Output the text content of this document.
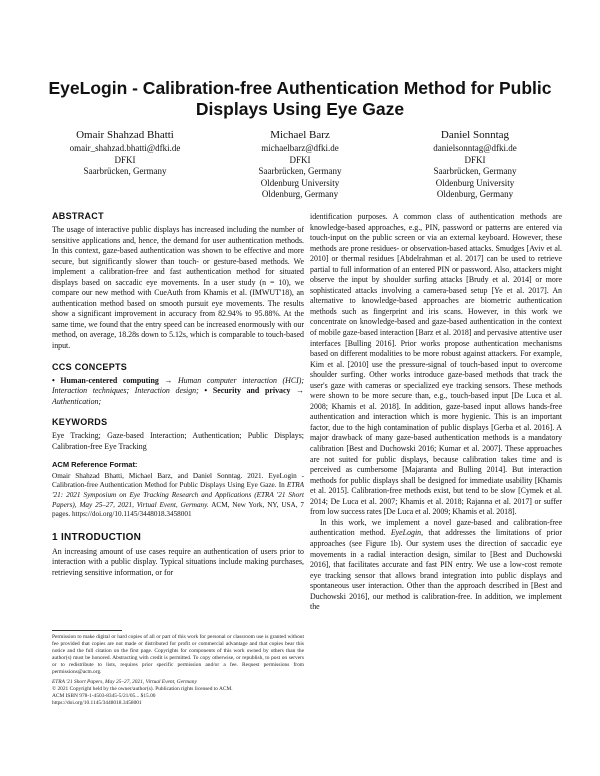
EyeLogin - Calibration-free Authentication Method for Public Displays Using Eye Gaze
Omair Shahzad Bhatti
omair_shahzad.bhatti@dfki.de
DFKI
Saarbrücken, Germany
Michael Barz
michaelbarz@dfki.de
DFKI
Saarbrücken, Germany
Oldenburg University
Oldenburg, Germany
Daniel Sonntag
danielsonntag@dfki.de
DFKI
Saarbrücken, Germany
Oldenburg University
Oldenburg, Germany
ABSTRACT

The usage of interactive public displays has increased including the number of sensitive applications and, hence, the demand for user authentication methods. In this context, gaze-based authentication was shown to be effective and more secure, but significantly slower than touch- or gesture-based methods. We implement a calibration-free and fast authentication method for situated displays based on saccadic eye movements. In a user study (n = 10), we compare our new method with CueAuth from Khamis et al. (IMWUT'18), an authentication method based on smooth pursuit eye movements. The results show a significant improvement in accuracy from 82.94% to 95.88%. At the same time, we found that the entry speed can be increased enormously with our method, on average, 18.28s down to 5.12s, which is comparable to touch-based input.

CCS CONCEPTS

• Human-centered computing → Human computer interaction (HCI); Interaction techniques; Interaction design; • Security and privacy → Authentication;

KEYWORDS

Eye Tracking; Gaze-based Interaction; Authentication; Public Displays; Calibration-free Eye Tracking

ACM Reference Format:

Omair Shahzad Bhatti, Michael Barz, and Daniel Sonntag. 2021. EyeLogin - Calibration-free Authentication Method for Public Displays Using Eye Gaze. In ETRA '21: 2021 Symposium on Eye Tracking Research and Applications (ETRA '21 Short Papers), May 25–27, 2021, Virtual Event, Germany. ACM, New York, NY, USA, 7 pages. https://doi.org/10.1145/3448018.3458001

1 INTRODUCTION

An increasing amount of use cases require an authentication of users prior to interaction with a public display. Typical situations include making purchases, retrieving sensitive information, or for

Permission to make digital or hard copies of all or part of this work for personal or classroom use is granted without fee provided that copies are not made or distributed for profit or commercial advantage and that copies bear this notice and the full citation on the first page. Copyrights for components of this work owned by others than the author(s) must be honored. Abstracting with credit is permitted. To copy otherwise, or republish, to post on servers or to redistribute to lists, requires prior specific permission and/or a fee. Request permissions from permissions@acm.org.

ETRA '21 Short Papers, May 25–27, 2021, Virtual Event, Germany

© 2021 Copyright held by the owner/author(s). Publication rights licensed to ACM.

ACM ISBN 978-1-4503-8345-5/21/05... $15.00

https://doi.org/10.1145/3448018.3458001

identification purposes. A common class of authentication methods are knowledge-based approaches, e.g., PIN, password or patterns are entered via touch-input on the public screen or via an external keyboard. However, these methods are prone residues- or observation-based attacks. Smudges [Aviv et al. 2010] or thermal residues [Abdelrahman et al. 2017] can be used to retrieve partial to full information of an entered PIN or password. Also, attackers might observe the input by shoulder surfing attacks [Brudy et al. 2014] or more sophisticated attacks involving a camera-based setup [Ye et al. 2017]. An alternative to knowledge-based approaches are biometric authentication methods such as fingerprint and iris scans. However, in this work we concentrate on knowledge-based and gaze-based authentication in the context of mobile gaze-based interaction [Barz et al. 2018] and pervasive attentive user interfaces [Bulling 2016]. Prior works propose authentication mechanisms based on different modalities to be more robust against attackers. For example, Kim et al. [2010] use the pressure-signal of touch-based input to overcome shoulder surfing. Other works introduce gaze-based methods that track the user's gaze with cameras or specialized eye tracking sensors. These methods were shown to be more secure than, e.g., touch-based input [De Luca et al. 2008; Khamis et al. 2018]. In addition, gaze-based input allows hands-free authentication and interaction which is more hygienic. This is an important factor, due to the high contamination of public displays [Gerba et al. 2016]. A major drawback of many gaze-based authentication methods is a mandatory calibration [Best and Duchowski 2016; Kumar et al. 2007]. These approaches are not suited for public displays, because calibration takes time and is perceived as cumbersome [Majaranta and Bulling 2014]. But interaction methods for public displays shall be designed for immediate usability [Khamis et al. 2015]. Calibration-free methods exist, but tend to be slow [Cymek et al. 2014; De Luca et al. 2007; Khamis et al. 2018; Rajanna et al. 2017] or suffer from low success rates [De Luca et al. 2009; Khamis et al. 2018].

In this work, we implement a novel gaze-based and calibration-free authentication method. EyeLogin, that addresses the limitations of prior approaches (see Figure 1b). Our system uses the direction of saccadic eye movements in a radial interaction design, similar to [Best and Duchowski 2016], that facilitates accurate and fast PIN entry. We use a low-cost remote eye tracking sensor that allows brand integration into public displays and spontaneous user interaction. Other than the approach described in [Best and Duchowski 2016], our method is calibration-free. In addition, we implement the
